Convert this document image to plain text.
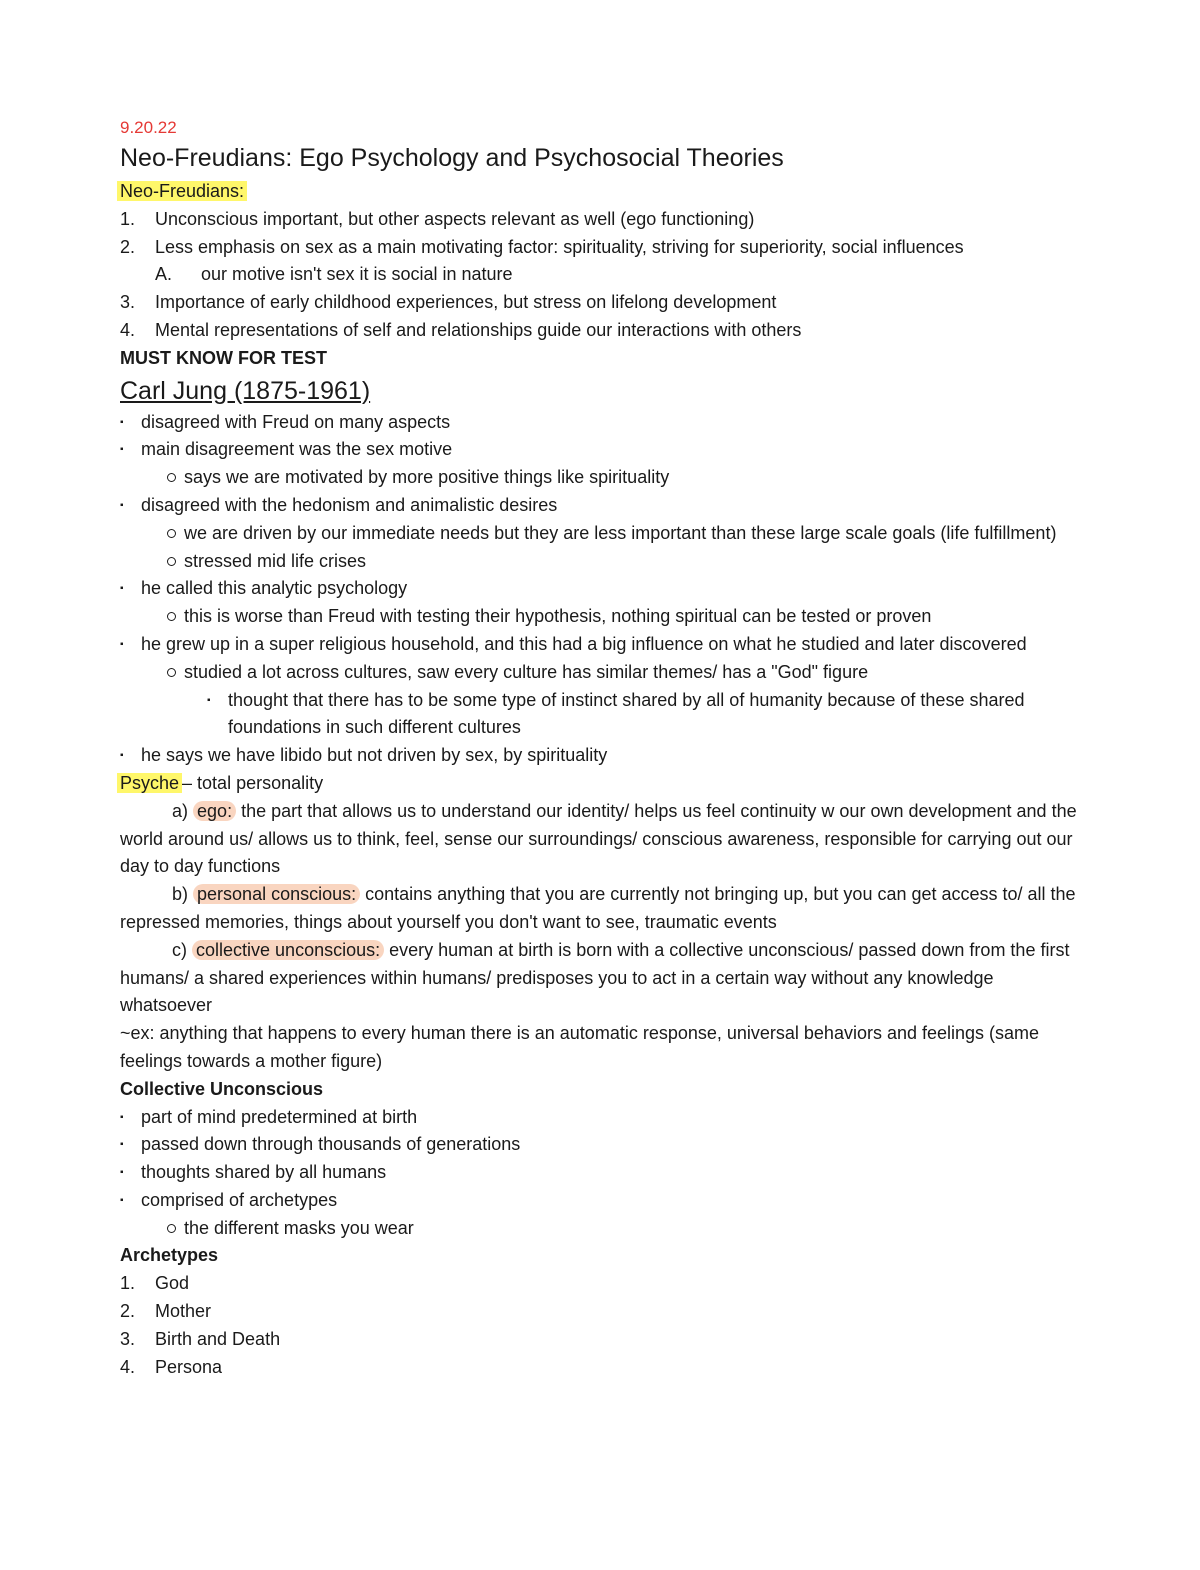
9.20.22
Neo-Freudians: Ego Psychology and Psychosocial Theories
Neo-Freudians:
1. Unconscious important, but other aspects relevant as well (ego functioning)
2. Less emphasis on sex as a main motivating factor: spirituality, striving for superiority, social influences
A. our motive isn't sex it is social in nature
3. Importance of early childhood experiences, but stress on lifelong development
4. Mental representations of self and relationships guide our interactions with others
MUST KNOW FOR TEST
Carl Jung (1875-1961)
▪ disagreed with Freud on many aspects
▪ main disagreement was the sex motive
says we are motivated by more positive things like spirituality
▪ disagreed with the hedonism and animalistic desires
we are driven by our immediate needs but they are less important than these large scale goals (life fulfillment)
stressed mid life crises
▪ he called this analytic psychology
this is worse than Freud with testing their hypothesis, nothing spiritual can be tested or proven
▪ he grew up in a super religious household, and this had a big influence on what he studied and later discovered
studied a lot across cultures, saw every culture has similar themes/ has a "God" figure
▪ thought that there has to be some type of instinct shared by all of humanity because of these shared foundations in such different cultures
▪ he says we have libido but not driven by sex, by spirituality
Psyche – total personality
a) ego: the part that allows us to understand our identity/ helps us feel continuity w our own development and the world around us/ allows us to think, feel, sense our surroundings/ conscious awareness, responsible for carrying out our day to day functions
b) personal conscious: contains anything that you are currently not bringing up, but you can get access to/ all the repressed memories, things about yourself you don't want to see, traumatic events
c) collective unconscious: every human at birth is born with a collective unconscious/ passed down from the first humans/ a shared experiences within humans/ predisposes you to act in a certain way without any knowledge whatsoever
~ex: anything that happens to every human there is an automatic response, universal behaviors and feelings (same feelings towards a mother figure)
Collective Unconscious
▪ part of mind predetermined at birth
▪ passed down through thousands of generations
▪ thoughts shared by all humans
▪ comprised of archetypes
the different masks you wear
Archetypes
1. God
2. Mother
3. Birth and Death
4. Persona
